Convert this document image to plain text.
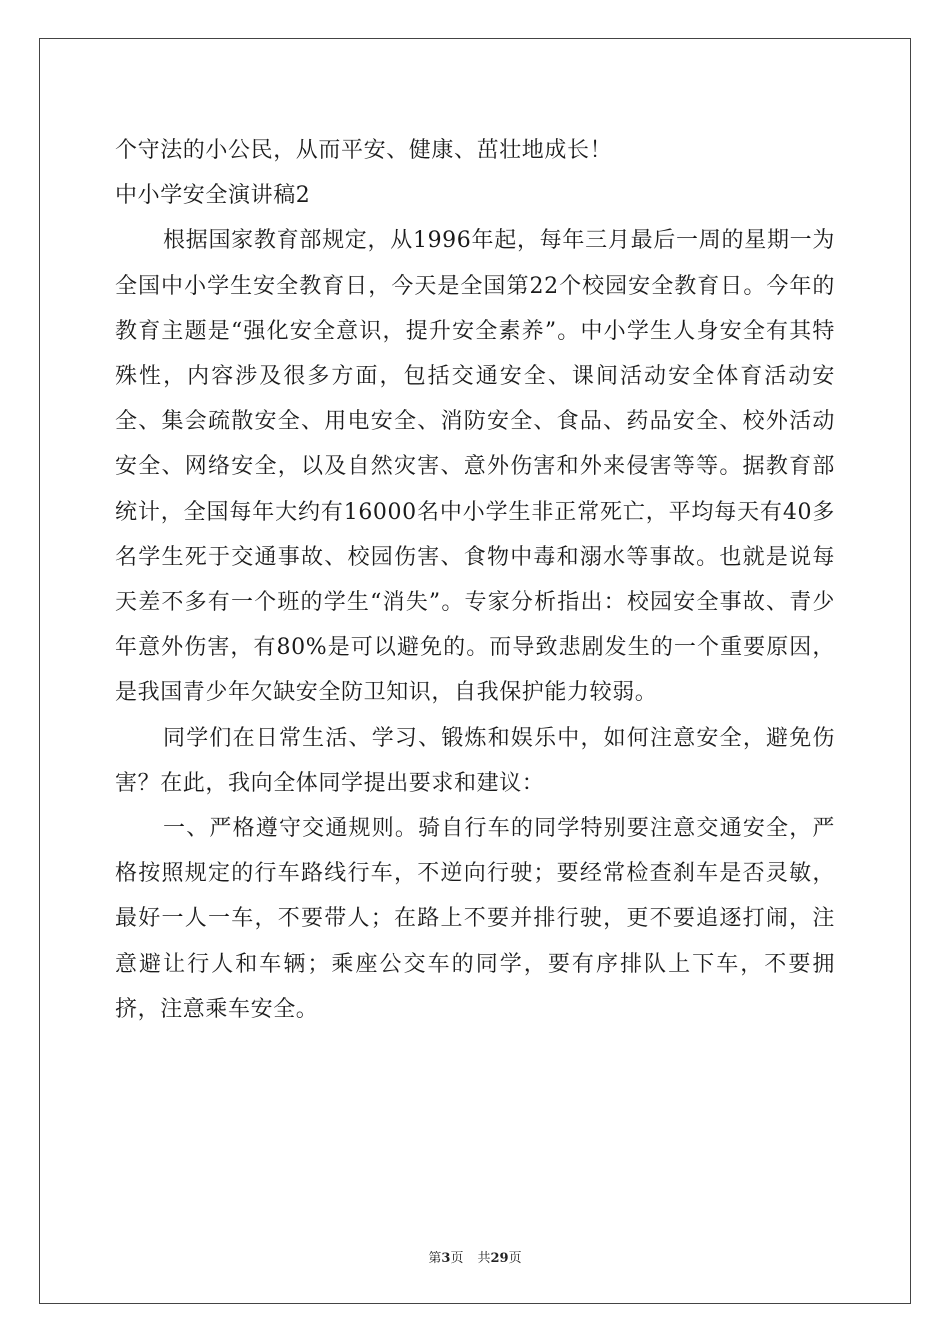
个守法的小公民，从而平安、健康、茁壮地成长！

中小学安全演讲稿2

根据国家教育部规定，从1996年起，每年三月最后一周的星期一为全国中小学生安全教育日，今天是全国第22个校园安全教育日。今年的教育主题是“强化安全意识，提升安全素养”。中小学生人身安全有其特殊性，内容涉及很多方面，包括交通安全、课间活动安全体育活动安全、集会疏散安全、用电安全、消防安全、食品、药品安全、校外活动安全、网络安全，以及自然灾害、意外伤害和外来侵害等等。据教育部统计，全国每年大约有16000名中小学生非正常死亡，平均每天有40多名学生死于交通事故、校园伤害、食物中毒和溺水等事故。也就是说每天差不多有一个班的学生“消失”。专家分析指出：校园安全事故、青少年意外伤害，有80%是可以避免的。而导致悲剧发生的一个重要原因，是我国青少年欠缺安全防卫知识，自我保护能力较弱。

同学们在日常生活、学习、锻炼和娱乐中，如何注意安全，避免伤害？在此，我向全体同学提出要求和建议：

一、严格遵守交通规则。骑自行车的同学特别要注意交通安全，严格按照规定的行车路线行车，不逆向行驶；要经常检查刹车是否灵敏，最好一人一车，不要带人；在路上不要并排行驶，更不要追逐打闹，注意避让行人和车辆；乘座公交车的同学，要有序排队上下车，不要拥挤，注意乘车安全。

第3页 共29页
